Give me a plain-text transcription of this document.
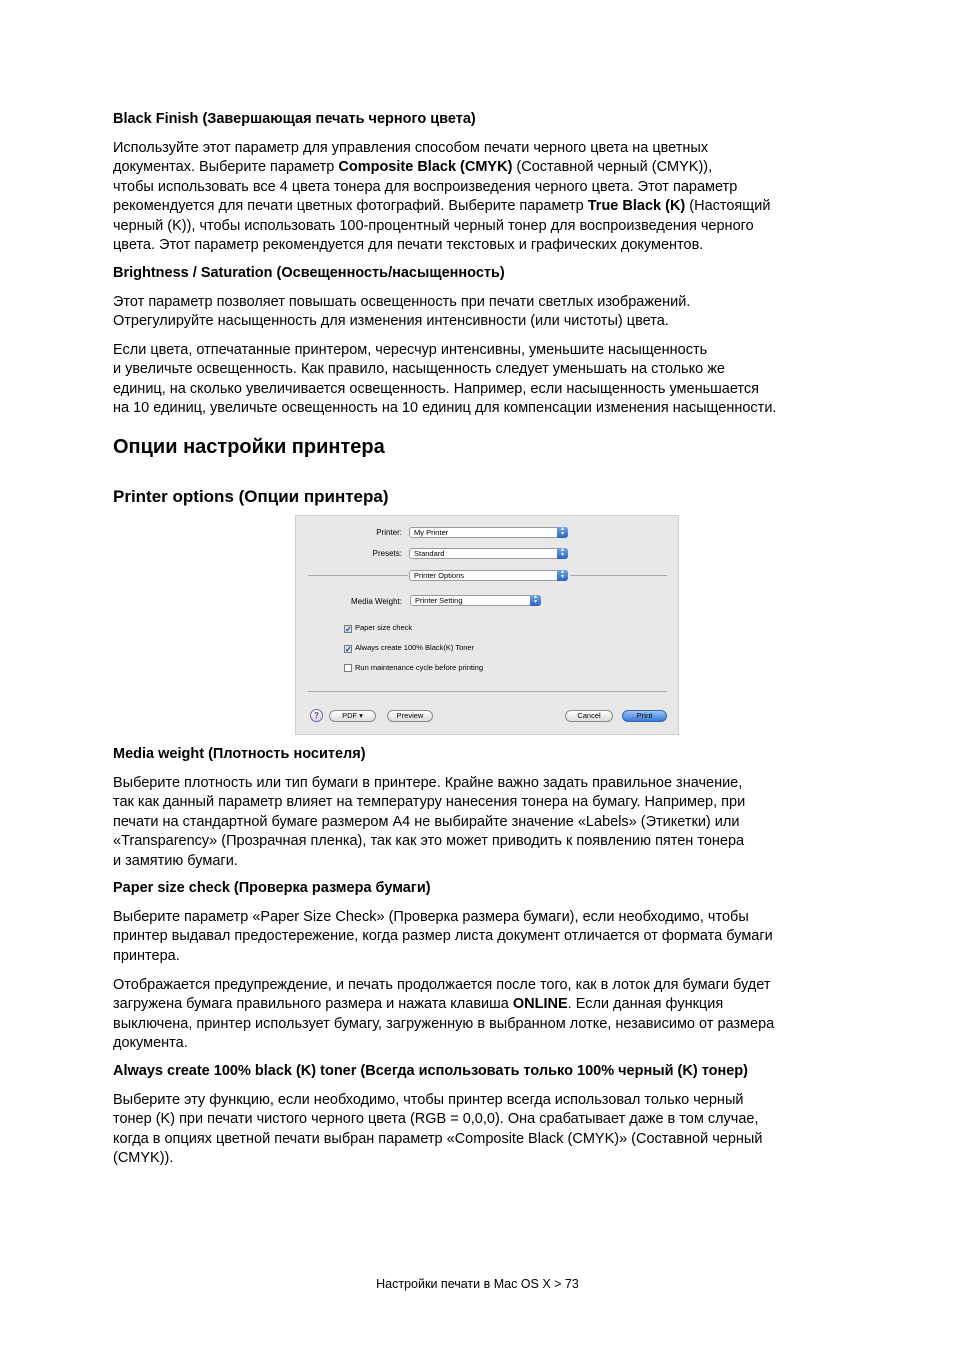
Black Finish (Завершающая печать черного цвета)
Используйте этот параметр для управления способом печати черного цвета на цветных
документах. Выберите параметр Composite Black (CMYK) (Составной черный (CMYK)),
чтобы использовать все 4 цвета тонера для воспроизведения черного цвета. Этот параметр
рекомендуется для печати цветных фотографий. Выберите параметр True Black (K) (Настоящий
черный (K)), чтобы использовать 100-процентный черный тонер для воспроизведения черного
цвета. Этот параметр рекомендуется для печати текстовых и графических документов.
Brightness / Saturation (Освещенность/насыщенность)
Этот параметр позволяет повышать освещенность при печати светлых изображений.
Отрегулируйте насыщенность для изменения интенсивности (или чистоты) цвета.
Если цвета, отпечатанные принтером, чересчур интенсивны, уменьшите насыщенность
и увеличьте освещенность. Как правило, насыщенность следует уменьшать на столько же
единиц, на сколько увеличивается освещенность. Например, если насыщенность уменьшается
на 10 единиц, увеличьте освещенность на 10 единиц для компенсации изменения насыщенности.
Опции настройки принтера
Printer options (Опции принтера)
Printer:	My Printer	▴
▾
Presets:	Standard	▴
▾
Printer Options	▴
▾
Media Weight:	Printer Setting	▴
▾
✓ Paper size check
✓ Always create 100% Black(K) Toner
Run maintenance cycle before printing
?	PDF ▾	Preview	Cancel	Print
Media weight (Плотность носителя)
Выберите плотность или тип бумаги в принтере. Крайне важно задать правильное значение,
так как данный параметр влияет на температуру нанесения тонера на бумагу. Например, при
печати на стандартной бумаге размером A4 не выбирайте значение «Labels» (Этикетки) или
«Transparency» (Прозрачная пленка), так как это может приводить к появлению пятен тонера
и замятию бумаги.
Paper size check (Проверка размера бумаги)
Выберите параметр «Paper Size Check» (Проверка размера бумаги), если необходимо, чтобы
принтер выдавал предостережение, когда размер листа документ отличается от формата бумаги
принтера.
Отображается предупреждение, и печать продолжается после того, как в лоток для бумаги будет
загружена бумага правильного размера и нажата клавиша ONLINE. Если данная функция
выключена, принтер использует бумагу, загруженную в выбранном лотке, независимо от размера
документа.
Always create 100% black (K) toner (Всегда использовать только 100% черный (K) тонер)
Выберите эту функцию, если необходимо, чтобы принтер всегда использовал только черный
тонер (K) при печати чистого черного цвета (RGB = 0,0,0). Она срабатывает даже в том случае,
когда в опциях цветной печати выбран параметр «Composite Black (CMYK)» (Составной черный
(CMYK)).
Настройки печати в Mac OS X > 73
